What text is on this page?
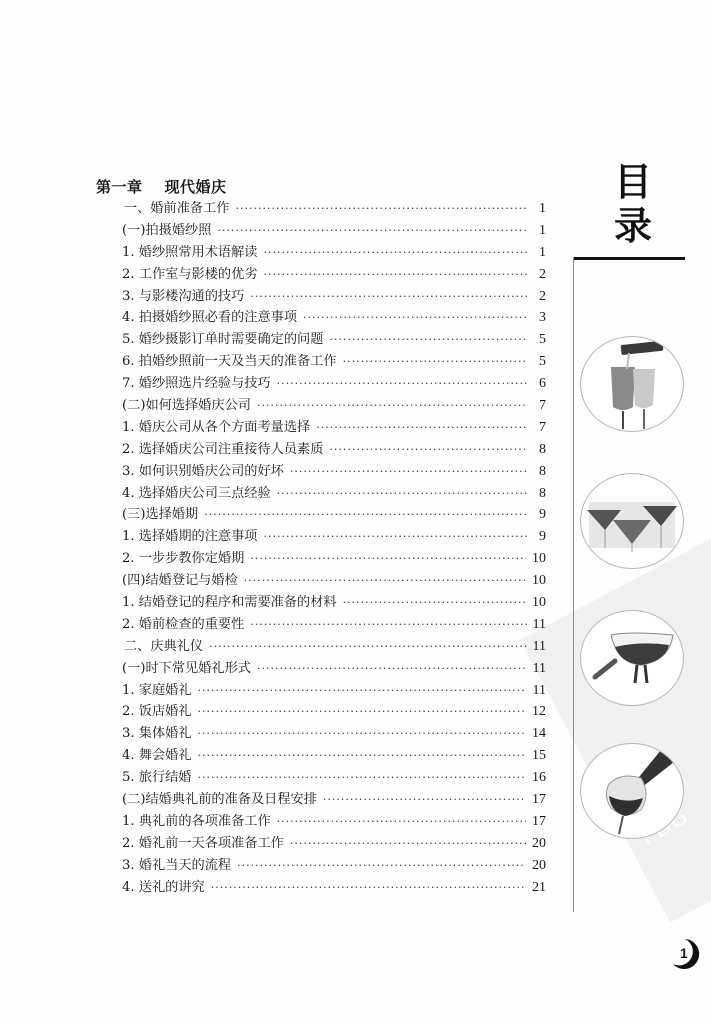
第一章 现代婚庆
一、婚前准备工作 ·····	1
(一)拍摄婚纱照 ·····	1
1. 婚纱照常用术语解读 ·····	1
2. 工作室与影楼的优劣 ·····	2
3. 与影楼沟通的技巧 ·····	2
4. 拍摄婚纱照必看的注意事项 ·····	3
5. 婚纱摄影订单时需要确定的问题 ·····	5
6. 拍婚纱照前一天及当天的准备工作 ·····	5
7. 婚纱照选片经验与技巧 ·····	6
(二)如何选择婚庆公司 ·····	7
1. 婚庆公司从各个方面考量选择 ·····	7
2. 选择婚庆公司注重接待人员素质 ·····	8
3. 如何识别婚庆公司的好坏 ·····	8
4. 选择婚庆公司三点经验 ·····	8
(三)选择婚期 ·····	9
1. 选择婚期的注意事项 ·····	9
2. 一步步教你定婚期 ·····	10
(四)结婚登记与婚检 ·····	10
1. 结婚登记的程序和需要准备的材料 ·····	10
2. 婚前检查的重要性 ·····	11
二、庆典礼仪 ·····	11
(一)时下常见婚礼形式 ·····	11
1. 家庭婚礼 ·····	11
2. 饭店婚礼 ·····	12
3. 集体婚礼 ·····	14
4. 舞会婚礼 ·····	15
5. 旅行结婚 ·····	16
(二)结婚典礼前的准备及日程安排 ·····	17
1. 典礼前的各项准备工作 ·····	17
2. 婚礼前一天各项准备工作 ·····	20
3. 婚礼当天的流程 ·····	20
4. 送礼的讲究 ·····	21
目
录
1
